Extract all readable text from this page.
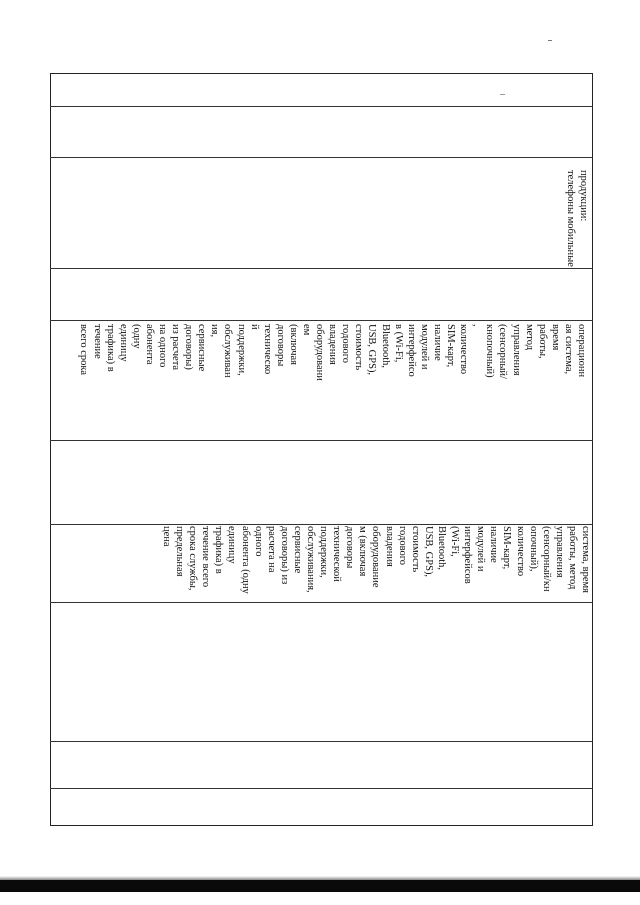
продукции:
телефоны мобильные
операционн
ая система,
время
работы,
метод
управления
(сенсорный/
кнопочный)
,
количество
SIM-карт,
наличие
модулей и
интерфейсо
в (Wi-Fi,
Bluetooth,
USB, GPS),
стоимость
годового
владения
оборудовани
ем
(включая
договоры
техническо
й
поддержки,
обслуживан
ия,
сервисные
договоры)
из расчета
на одного
абонента
(одну
единицу
трафика) в
течение
всего срока
система, время
работы, метод
управления
(сенсорный/кн
опочный),
количество
SIM-карт,
наличие
модулей и
интерфейсов
(Wi-Fi,
Bluetooth,
USB, GPS),
стоимость
годового
владения
оборудование
м (включая
договоры
технической
поддержки,
обслуживания,
сервисные
договоры) из
расчета на
одного
абонента (одну
единицу
трафика) в
течение всего
срока службы,
предельная
цена
